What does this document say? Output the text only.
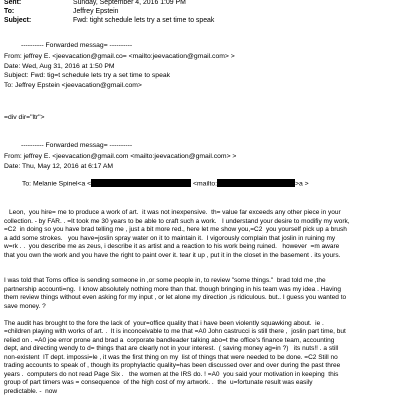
Sent:	Sunday, September 4, 2016 1:09 PM
To:	Jeffrey Epstein
Subject:	Fwd: tight schedule lets try a set time to speak
---------- Forwarded messag= ----------
From: jeffrey E. <jeevacation@gmail.co= <mailto:jeevacation@gmail.com> >
Date: Wed, Aug 31, 2016 at 1:50 PM
Subject: Fwd: tig=t schedule lets try a set time to speak
To: Jeffrey Epstein <jeevacation@gmail.com>
=div dir="ltr">
---------- Forwarded messag= ----------
From: jeffrey E. <jeevacation@gmail.com <mailto:jeevacation@gmail.com> >
Date: Thu, May 12, 2016 at 6:17 AM
To: Melanie Spinel<a <	<mailto:	>a >
Leon,  you hire= me to produce a work of art.  it was not inexpensive.  th= value far exceeds any other piece in your
collection. - by FAR. . =It took me 30 years to be able to craft such a work.   I understand your desire to modifiy my work,
=C2  in doing so you have brad telling me , just a bit more red., here let me show you,=C2  you yourself pick up a brush
a add some strokes.   you have=joslin spray water on it to maintain it.  I vigorously complain that joslin in ruining my
w=rk . .  you describe me as zeus, i describe it as artist and a reaction to his work being ruined.   however  =m aware
that you own the work and you have the right to paint over it. tear it up , put it in the closet in the basement . its yours.
I was told that Toms office is sending someone in ,or some people in, to review "some things."  brad told me ,the
partnership accounti=ng.  I know absolutely nothing more than that. though bringing in his team was my idea . Having
them review things without even asking for my input , or let alone my direction ,is ridiculous. but.. I guess you wanted to
save money. ?
The audit has brought to the fore the lack of  your=office quality that i have been violently squawking about.  ie .
=children playing with works of art. .  It is inconceivable to me that =A0 John castrucci is still there ,  joslin part time, but
relied on . =A0 joe error prone and brad a  corporate bandleader talking abo=t the office's finance team, accounting
dept, and directing wendy to d= things that are clearly not in your interest.  ( saving money ag=in ?)   its nuts!! . a still
non-existent  IT dept. impossi=le , it was the first thing on my  list of things that were needed to be done. =C2 Still no
trading accounts to speak of , though its prophylactic quality=has been discussed over and over during the past three
years .  computers do not read Page Six .   the women at the IRS do. ! =A0  you said your motivation in keeping  this
group of part timers was = consequence  of the high cost of my artwork. .  the  u=fortunate result was easily
predictable. -  now
